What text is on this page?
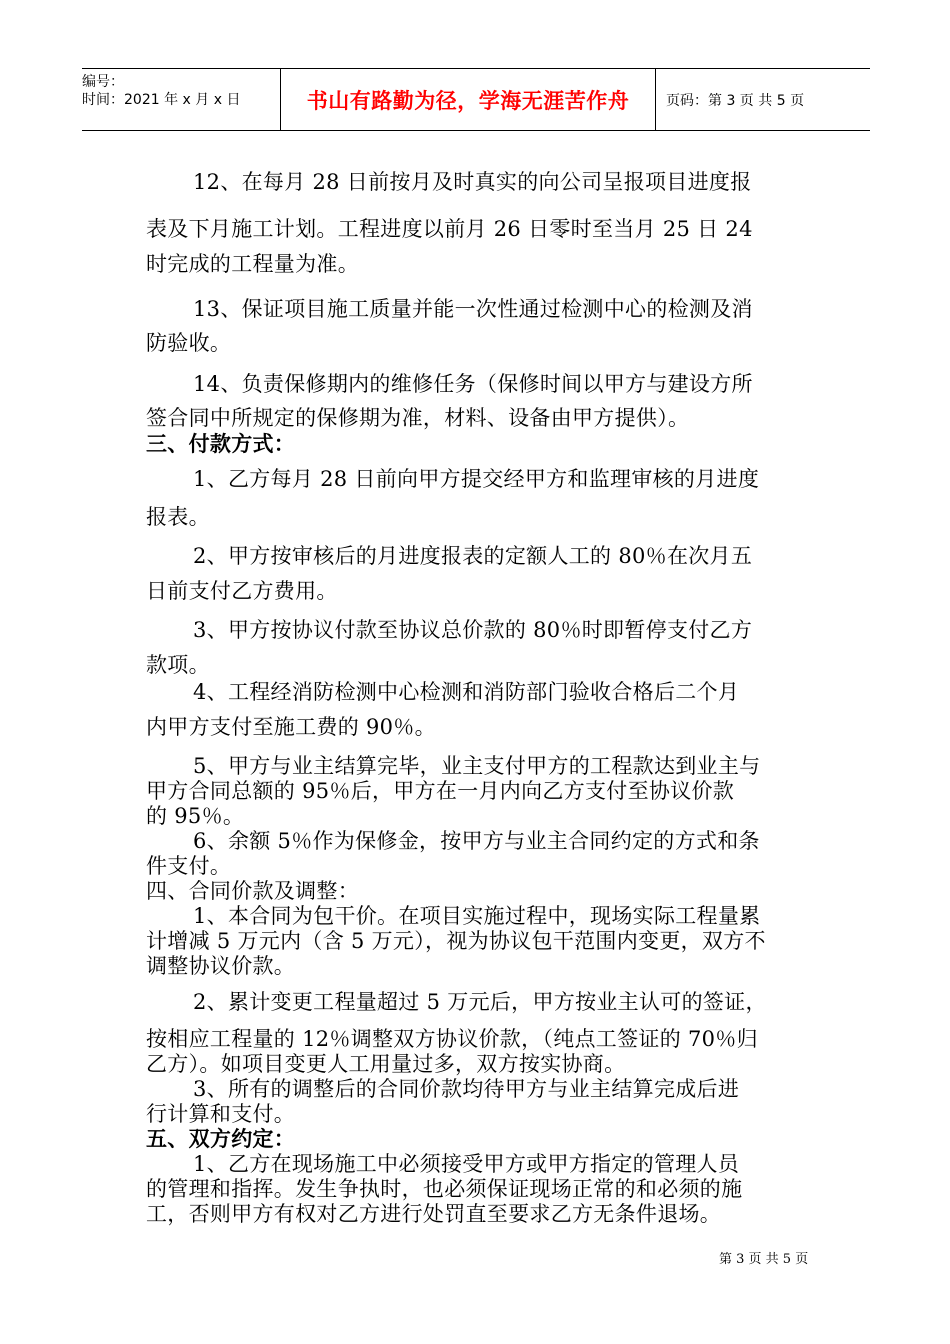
编号：
时间：2021 年 x 月 x 日	书山有路勤为径，学海无涯苦作舟	页码：第 3 页 共 5 页
12、在每月 28 日前按月及时真实的向公司呈报项目进度报
表及下月施工计划。工程进度以前月 26 日零时至当月 25 日 24
时完成的工程量为准。
13、保证项目施工质量并能一次性通过检测中心的检测及消
防验收。
14、负责保修期内的维修任务（保修时间以甲方与建设方所
签合同中所规定的保修期为准，材料、设备由甲方提供）。
三、付款方式：
1、乙方每月 28 日前向甲方提交经甲方和监理审核的月进度
报表。
2、甲方按审核后的月进度报表的定额人工的 80％在次月五
日前支付乙方费用。
3、甲方按协议付款至协议总价款的 80％时即暂停支付乙方
款项。
4、工程经消防检测中心检测和消防部门验收合格后二个月
内甲方支付至施工费的 90％。
5、甲方与业主结算完毕，业主支付甲方的工程款达到业主与
甲方合同总额的 95％后，甲方在一月内向乙方支付至协议价款
的 95％。
6、余额 5％作为保修金，按甲方与业主合同约定的方式和条
件支付。
四、合同价款及调整：
1、本合同为包干价。在项目实施过程中，现场实际工程量累
计增减 5 万元内（含 5 万元），视为协议包干范围内变更，双方不
调整协议价款。
2、累计变更工程量超过 5 万元后，甲方按业主认可的签证，
按相应工程量的 12％调整双方协议价款，（纯点工签证的 70％归
乙方）。如项目变更人工用量过多，双方按实协商。
3、所有的调整后的合同价款均待甲方与业主结算完成后进
行计算和支付。
五、双方约定：
1、乙方在现场施工中必须接受甲方或甲方指定的管理人员
的管理和指挥。发生争执时，也必须保证现场正常的和必须的施
工，否则甲方有权对乙方进行处罚直至要求乙方无条件退场。
第 3 页 共 5 页
